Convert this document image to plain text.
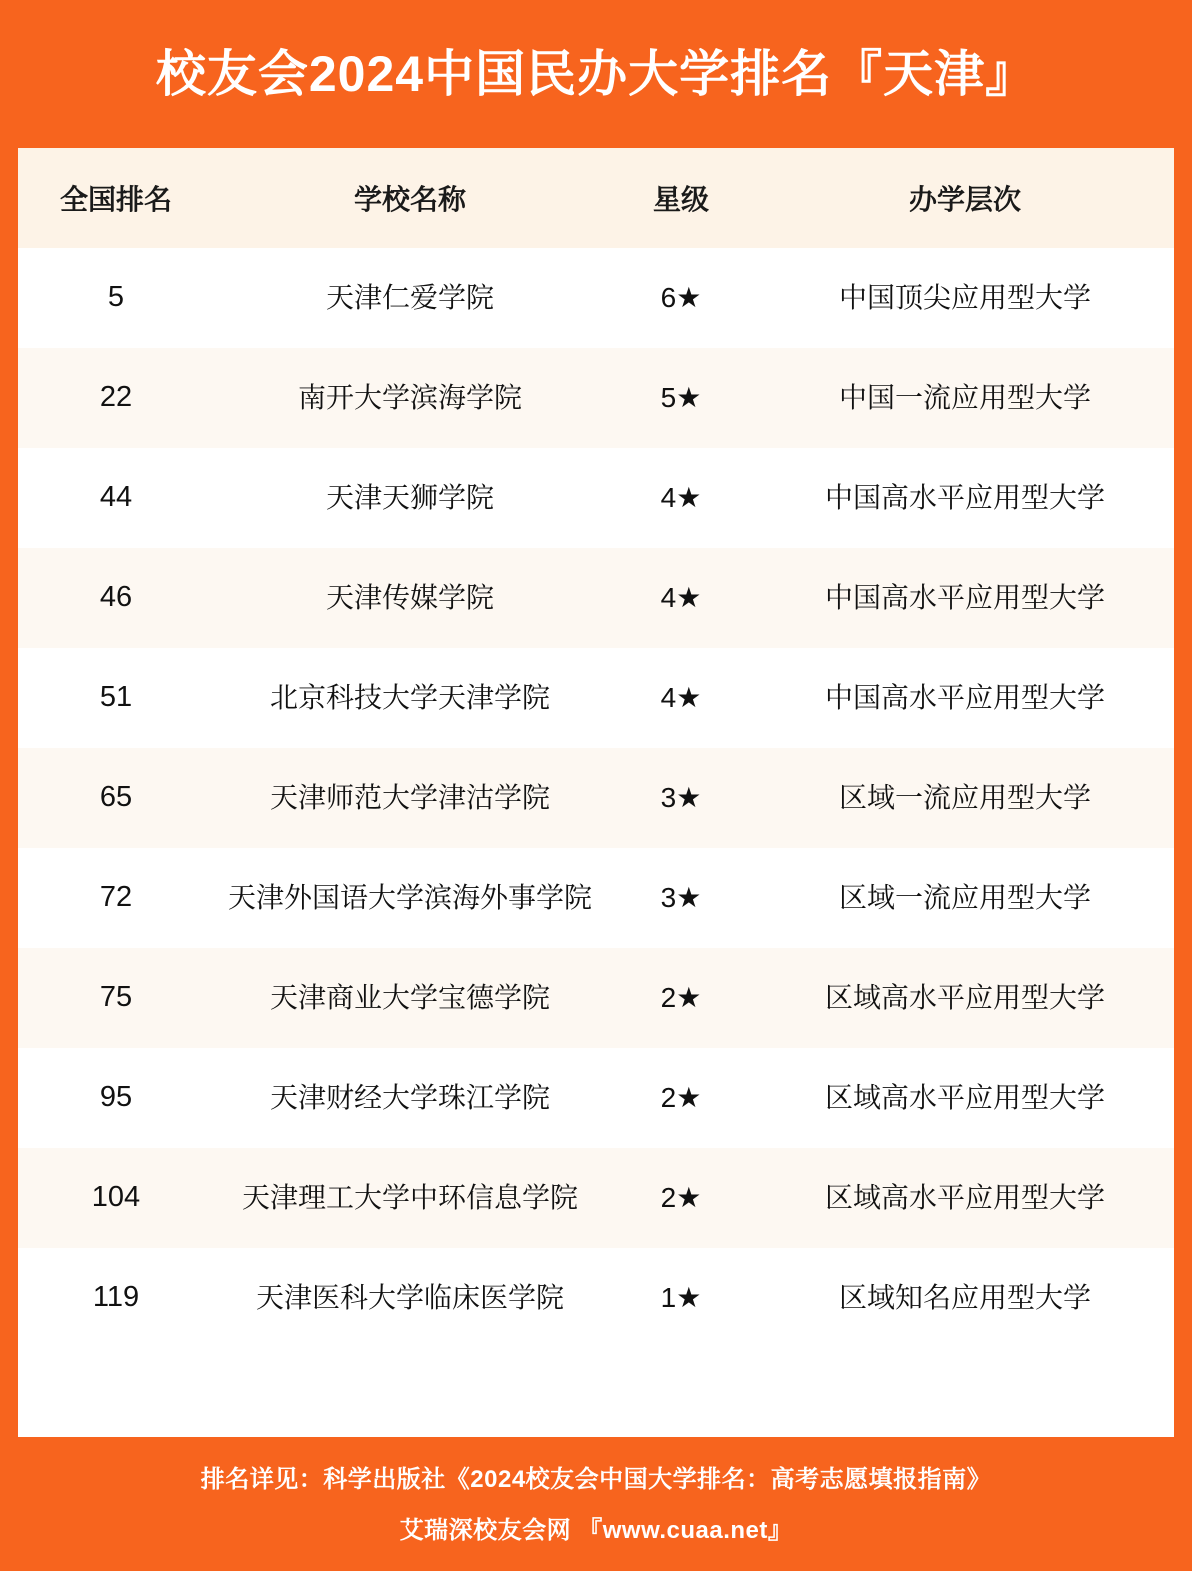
校友会2024中国民办大学排名『天津』
全国排名	学校名称	星级	办学层次
5	天津仁爱学院	6★	中国顶尖应用型大学
22	南开大学滨海学院	5★	中国一流应用型大学
44	天津天狮学院	4★	中国高水平应用型大学
46	天津传媒学院	4★	中国高水平应用型大学
51	北京科技大学天津学院	4★	中国高水平应用型大学
65	天津师范大学津沽学院	3★	区域一流应用型大学
72	天津外国语大学滨海外事学院	3★	区域一流应用型大学
75	天津商业大学宝德学院	2★	区域高水平应用型大学
95	天津财经大学珠江学院	2★	区域高水平应用型大学
104	天津理工大学中环信息学院	2★	区域高水平应用型大学
119	天津医科大学临床医学院	1★	区域知名应用型大学
排名详见：科学出版社《2024校友会中国大学排名：高考志愿填报指南》
艾瑞深校友会网 『www.cuaa.net』
